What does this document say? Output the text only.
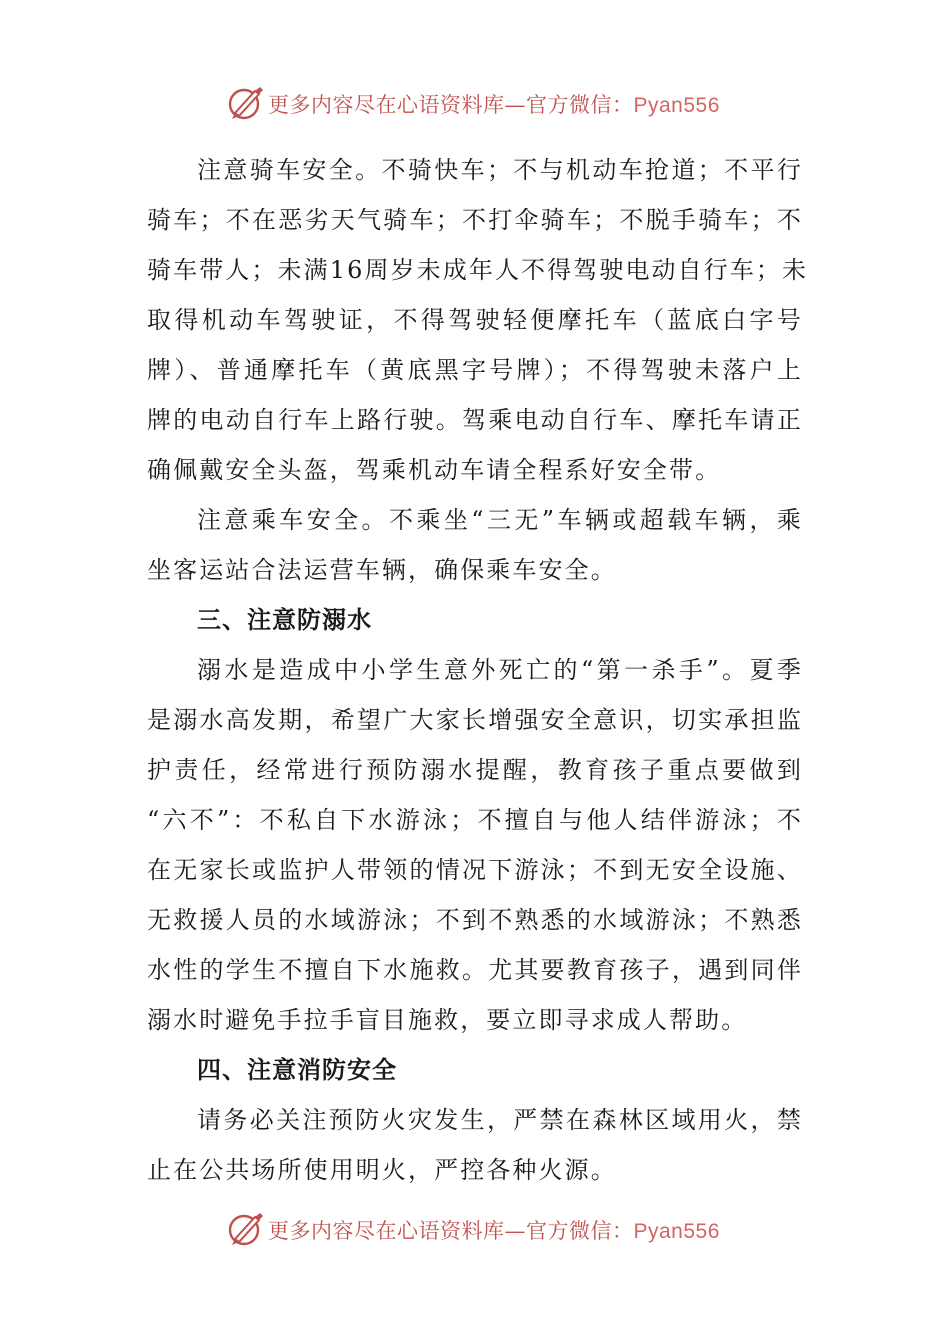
更多内容尽在心语资料库—官方微信：Pyan556
注意骑车安全。不骑快车；不与机动车抢道；不平行
骑车；不在恶劣天气骑车；不打伞骑车；不脱手骑车；不
骑车带人；未满16周岁未成年人不得驾驶电动自行车；未
取得机动车驾驶证，不得驾驶轻便摩托车（蓝底白字号
牌）、普通摩托车（黄底黑字号牌）；不得驾驶未落户上
牌的电动自行车上路行驶。驾乘电动自行车、摩托车请正
确佩戴安全头盔，驾乘机动车请全程系好安全带。
注意乘车安全。不乘坐“三无”车辆或超载车辆，乘
坐客运站合法运营车辆，确保乘车安全。
三、注意防溺水
溺水是造成中小学生意外死亡的“第一杀手”。夏季
是溺水高发期，希望广大家长增强安全意识，切实承担监
护责任，经常进行预防溺水提醒，教育孩子重点要做到
“六不”：不私自下水游泳；不擅自与他人结伴游泳；不
在无家长或监护人带领的情况下游泳；不到无安全设施、
无救援人员的水域游泳；不到不熟悉的水域游泳；不熟悉
水性的学生不擅自下水施救。尤其要教育孩子，遇到同伴
溺水时避免手拉手盲目施救，要立即寻求成人帮助。
四、注意消防安全
请务必关注预防火灾发生，严禁在森林区域用火，禁
止在公共场所使用明火，严控各种火源。
更多内容尽在心语资料库—官方微信：Pyan556
